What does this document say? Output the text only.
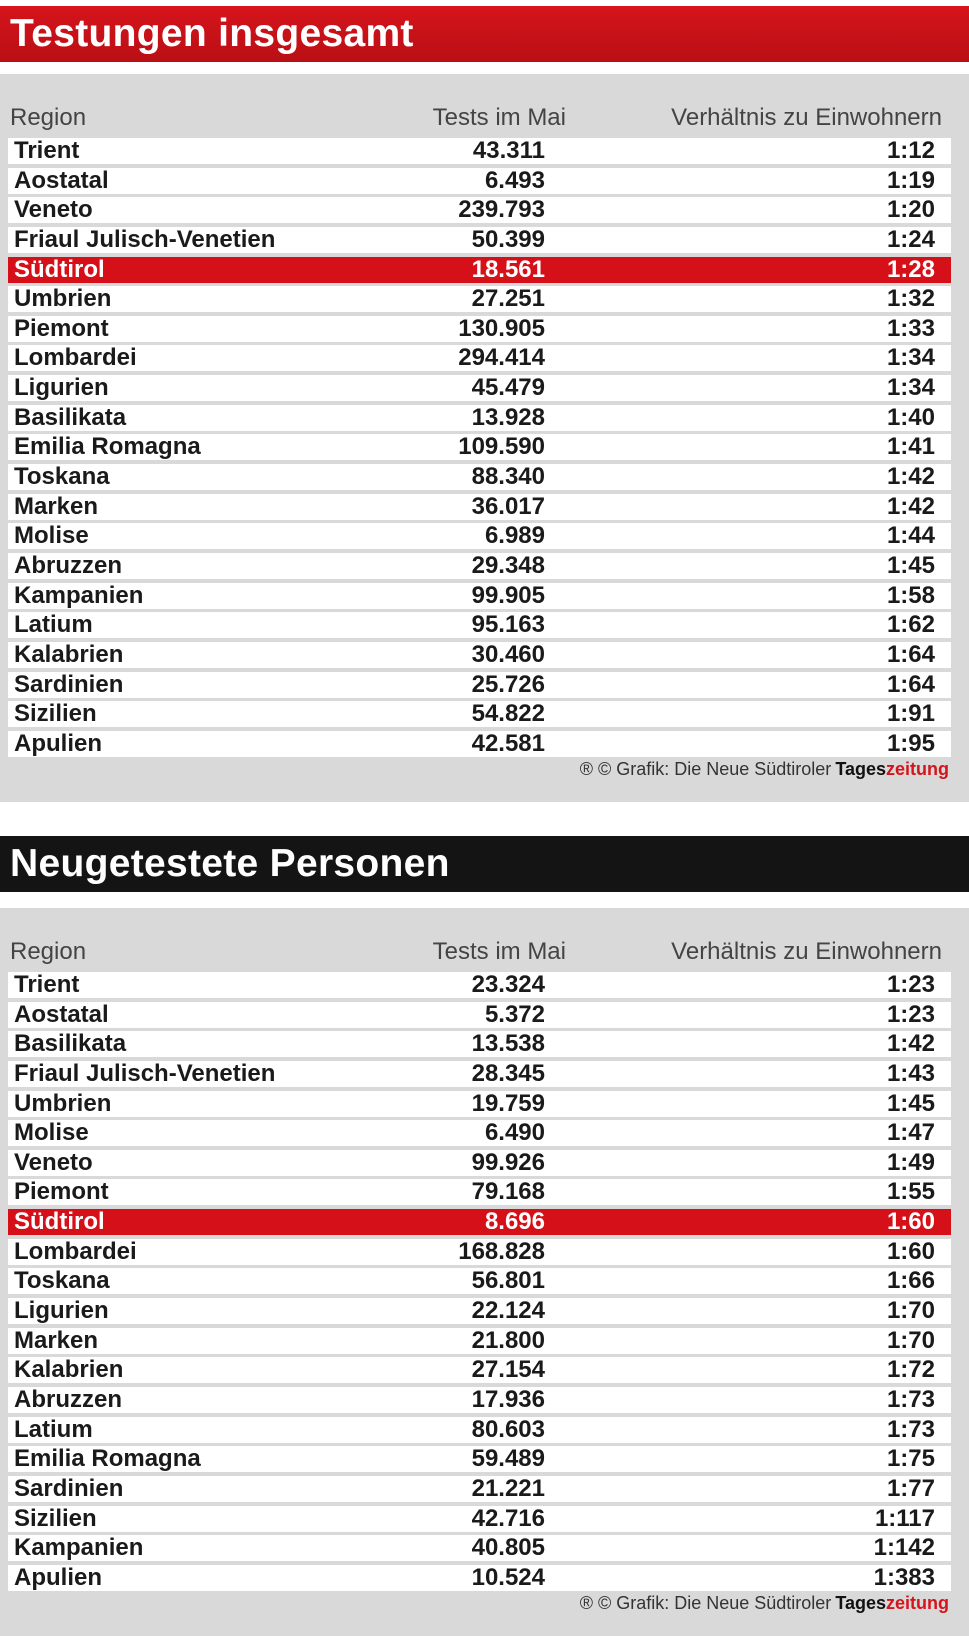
Testungen insgesamt
Region	Tests im Mai	Verhältnis zu Einwohnern
Trient	43.311	1:12
Aostatal	6.493	1:19
Veneto	239.793	1:20
Friaul Julisch-Venetien	50.399	1:24
Südtirol	18.561	1:28
Umbrien	27.251	1:32
Piemont	130.905	1:33
Lombardei	294.414	1:34
Ligurien	45.479	1:34
Basilikata	13.928	1:40
Emilia Romagna	109.590	1:41
Toskana	88.340	1:42
Marken	36.017	1:42
Molise	6.989	1:44
Abruzzen	29.348	1:45
Kampanien	99.905	1:58
Latium	95.163	1:62
Kalabrien	30.460	1:64
Sardinien	25.726	1:64
Sizilien	54.822	1:91
Apulien	42.581	1:95
® © Grafik: Die Neue Südtiroler Tageszeitung
Neugetestete Personen
Region	Tests im Mai	Verhältnis zu Einwohnern
Trient	23.324	1:23
Aostatal	5.372	1:23
Basilikata	13.538	1:42
Friaul Julisch-Venetien	28.345	1:43
Umbrien	19.759	1:45
Molise	6.490	1:47
Veneto	99.926	1:49
Piemont	79.168	1:55
Südtirol	8.696	1:60
Lombardei	168.828	1:60
Toskana	56.801	1:66
Ligurien	22.124	1:70
Marken	21.800	1:70
Kalabrien	27.154	1:72
Abruzzen	17.936	1:73
Latium	80.603	1:73
Emilia Romagna	59.489	1:75
Sardinien	21.221	1:77
Sizilien	42.716	1:117
Kampanien	40.805	1:142
Apulien	10.524	1:383
® © Grafik: Die Neue Südtiroler Tageszeitung
